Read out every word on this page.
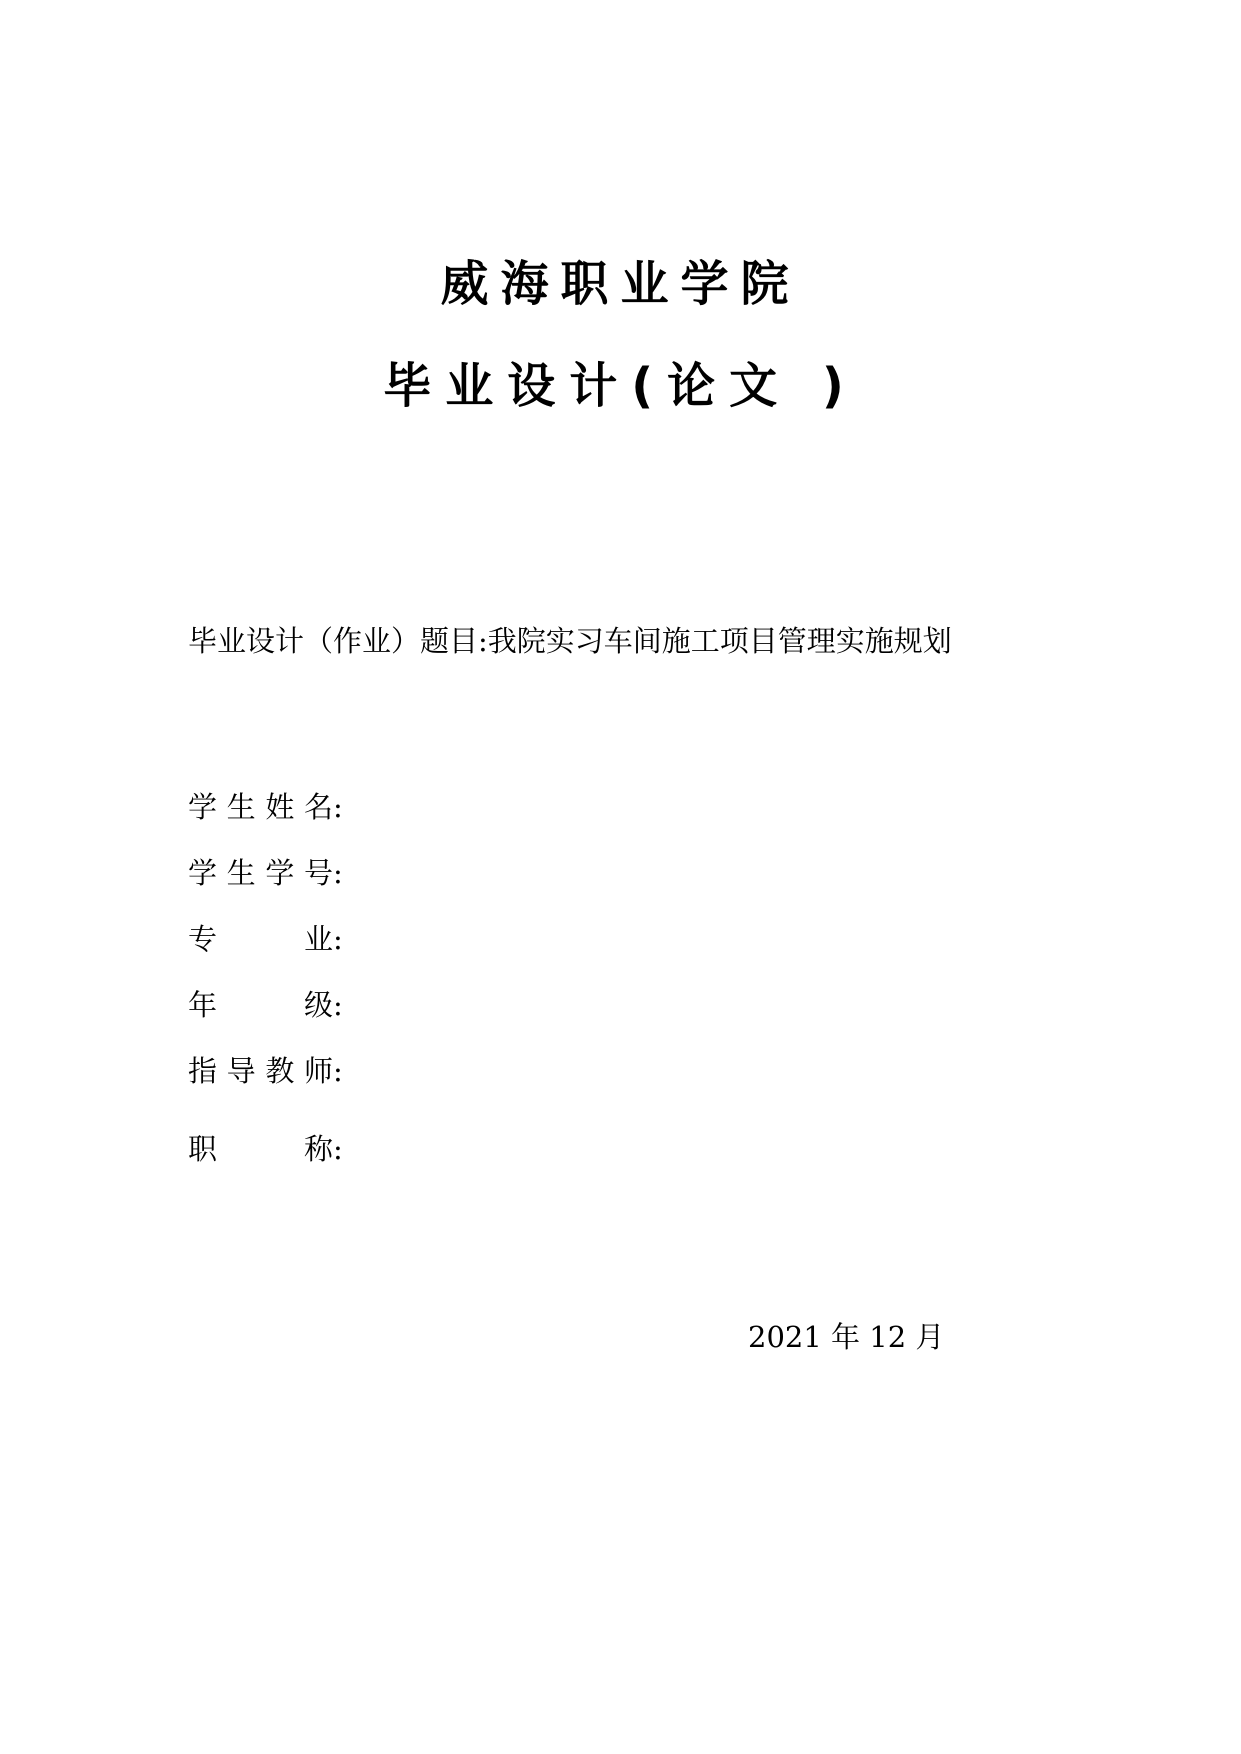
威海职业学院
毕业设计(论文 )
毕业设计（作业）题目:我院实习车间施工项目管理实施规划
学生姓名:
学生学号:
专业:
年级:
指导教师:
职称:
2021 年 12 月
